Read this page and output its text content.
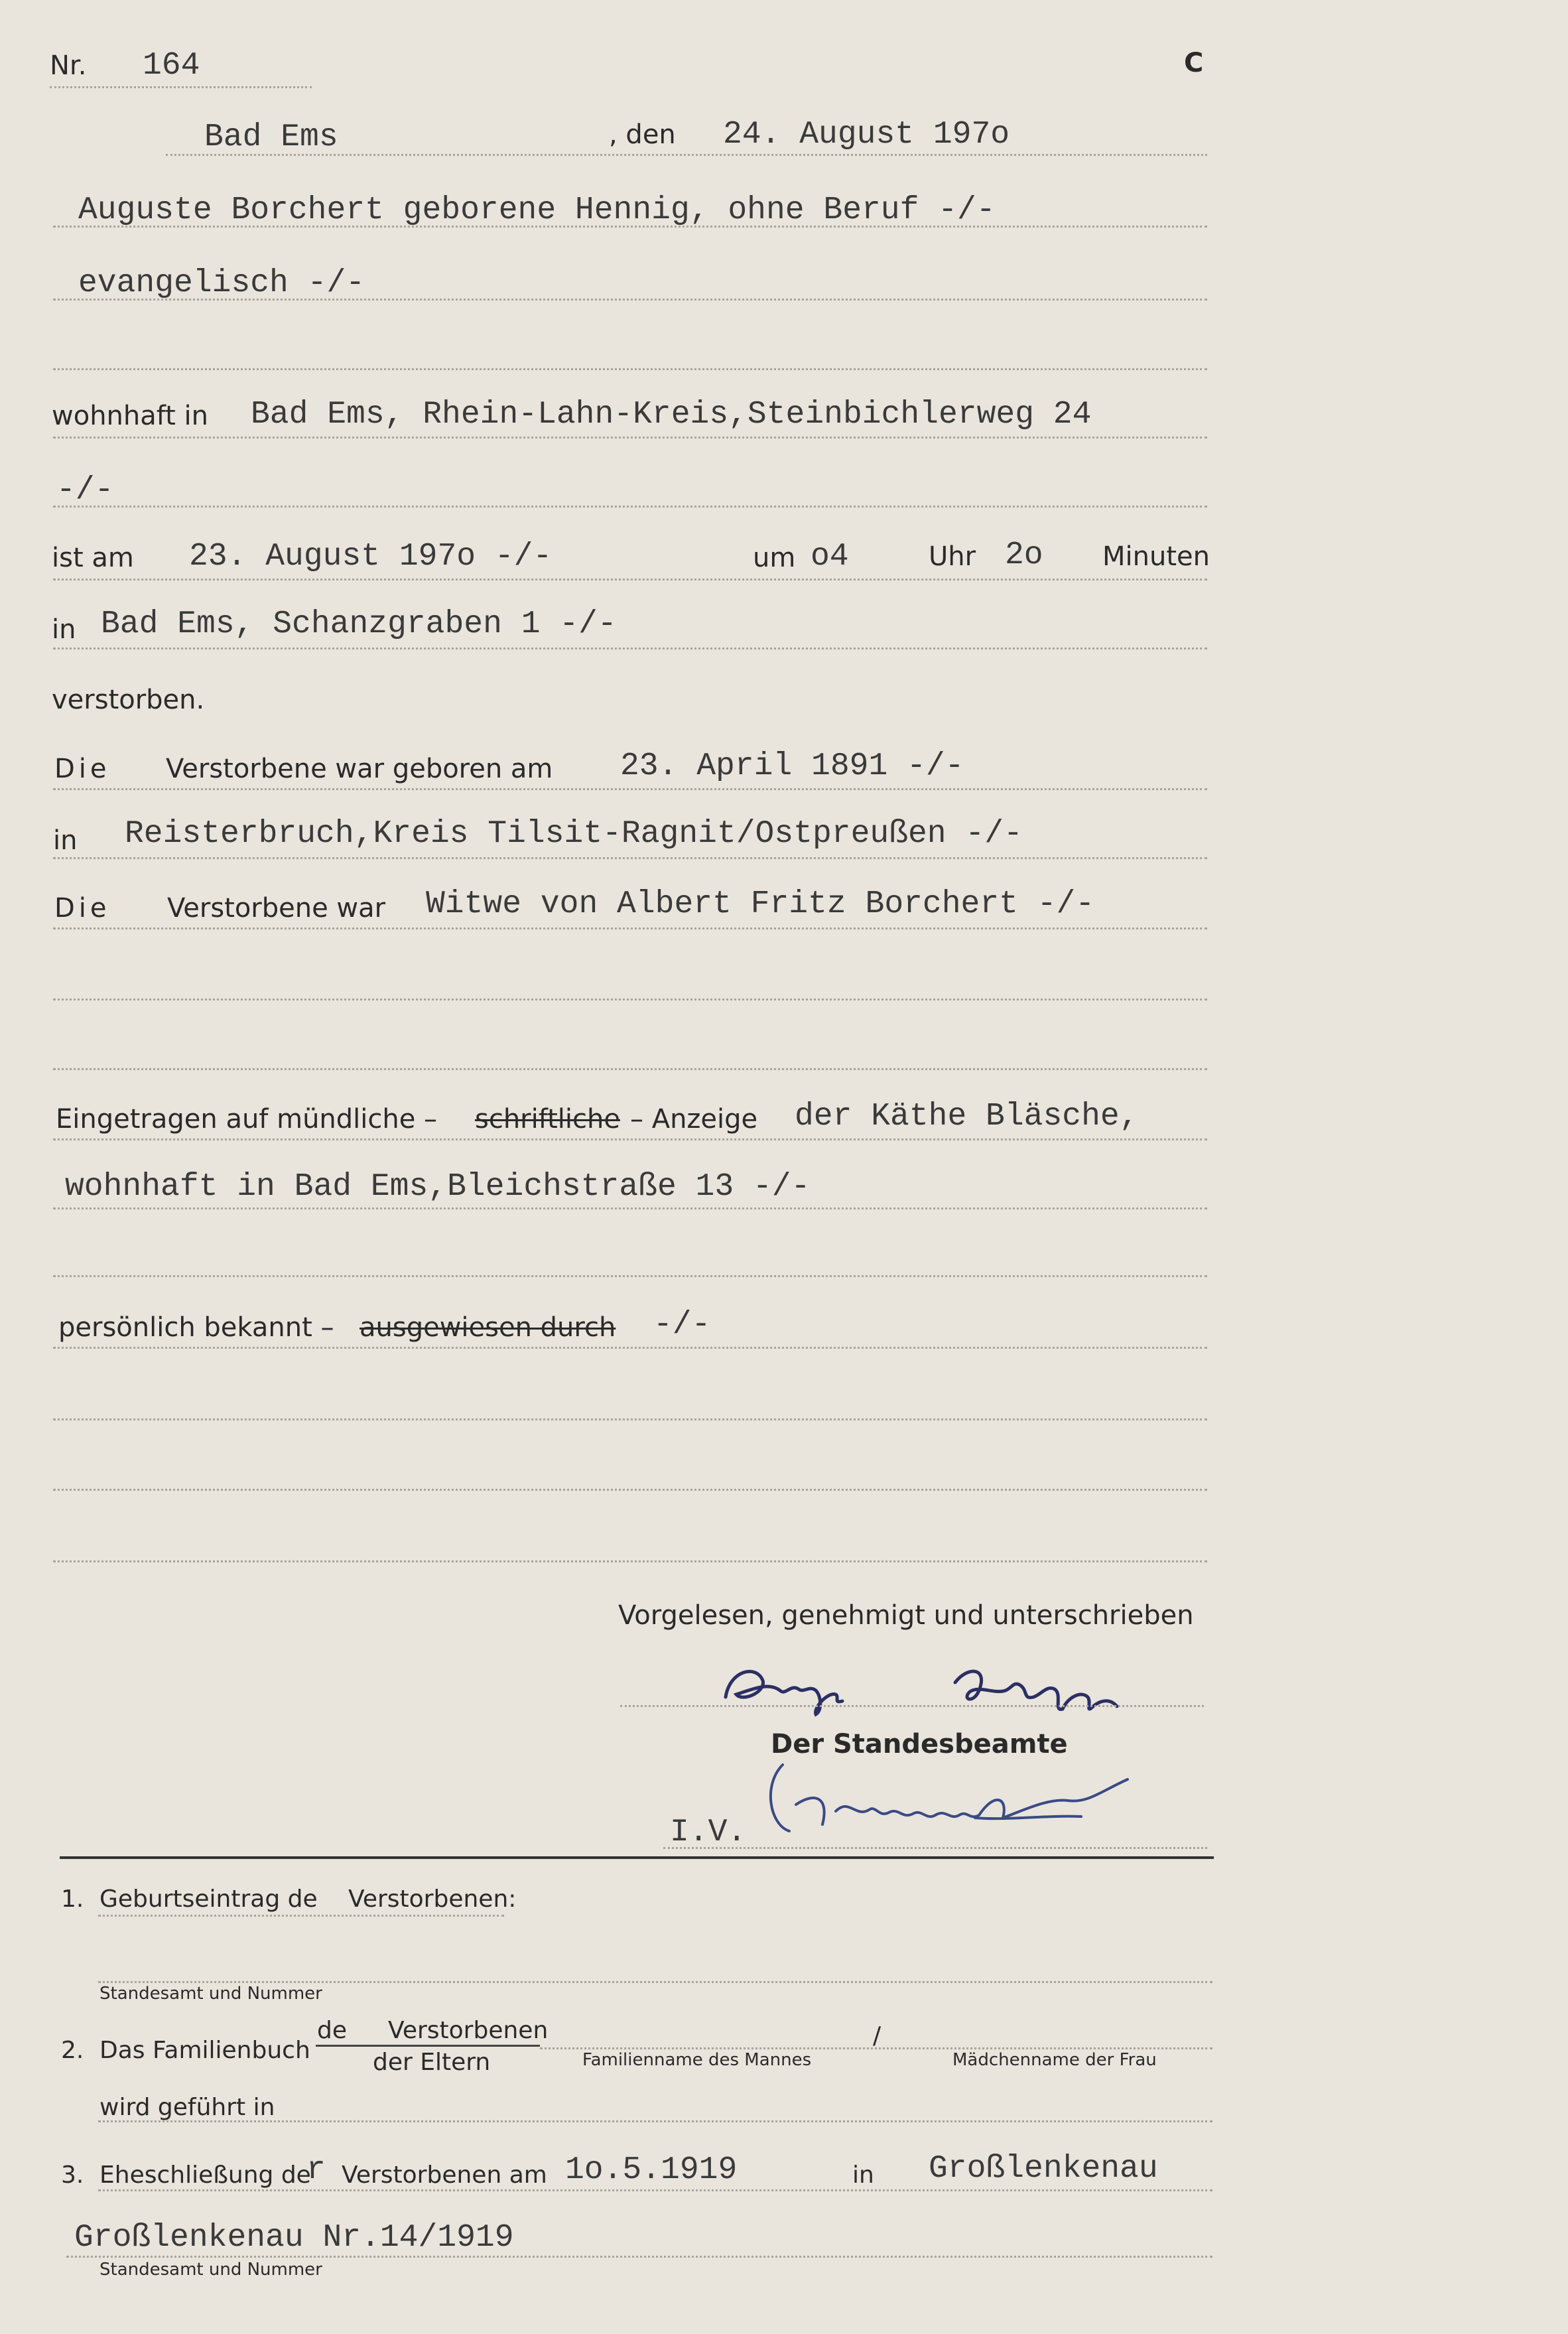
Nr. 164	C
Bad Ems	, den 24. August 197o
Auguste Borchert geborene Hennig, ohne Beruf -/-
evangelisch -/-
wohnhaft in Bad Ems, Rhein-Lahn-Kreis,Steinbichlerweg 24
-/-
ist am 23. August 197o -/-	um o4	Uhr 2o Minuten
in Bad Ems, Schanzgraben 1 -/-
verstorben.
Die Verstorbene war geboren am 23. April 1891 -/-
in Reisterbruch,Kreis Tilsit-Ragnit/Ostpreußen -/-
Die Verstorbene war Witwe von Albert Fritz Borchert -/-
Eingetragen auf mündliche – schriftliche – Anzeige der Käthe Bläsche,
wohnhaft in Bad Ems,Bleichstraße 13 -/-
persönlich bekannt – ausgewiesen durch -/-
Vorgelesen, genehmigt und unterschrieben
Der Standesbeamte
I.V.
1. Geburtseintrag de Verstorbenen:
Standesamt und Nummer
2. Das Familienbuch
de Verstorbenen
der Eltern	Familienname des Mannes
/
Mädchenname der Frau
wird geführt in
3. Eheschließung de
r Verstorbenen am 1o.5.1919	in Großlenkenau
Großlenkenau Nr.14/1919
Standesamt und Nummer
